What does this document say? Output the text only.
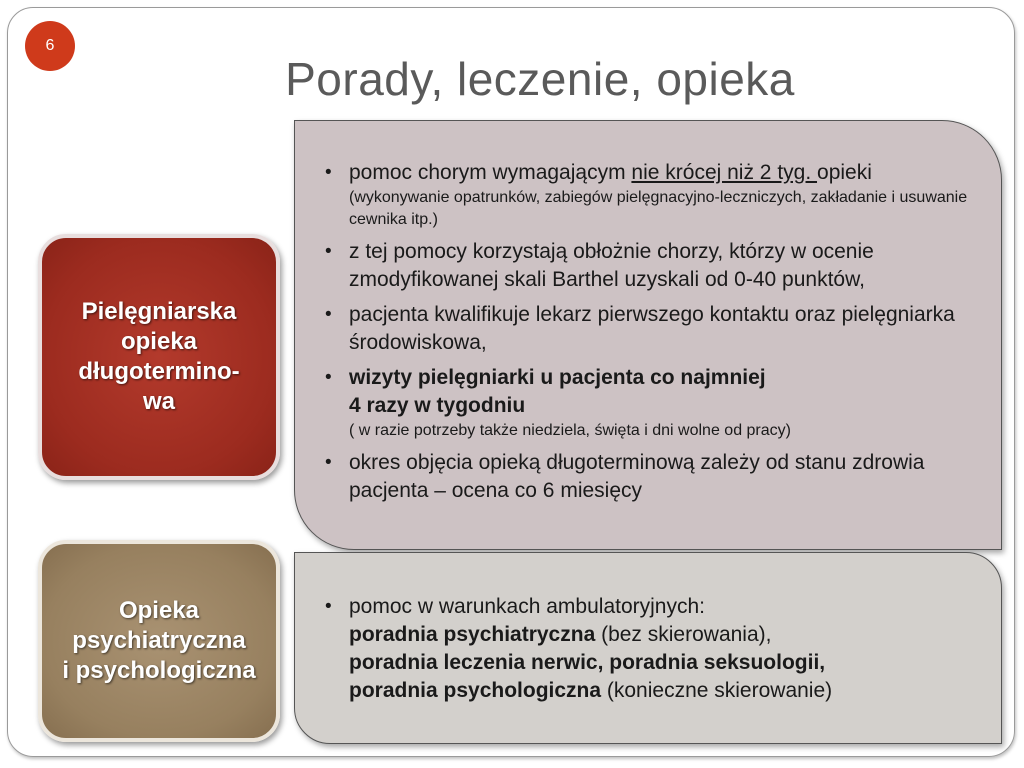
6
Porady, leczenie, opieka
Pielęgniarska
opieka
długotermino-
wa
• pomoc chorym wymagającym nie krócej niż 2 tyg. opieki
(wykonywanie opatrunków, zabiegów pielęgnacyjno-leczniczych, zakładanie i usuwanie cewnika itp.)
• z tej pomocy korzystają obłożnie chorzy, którzy w ocenie zmodyfikowanej skali Barthel uzyskali od 0-40 punktów,
• pacjenta kwalifikuje lekarz pierwszego kontaktu oraz pielęgniarka środowiskowa,
• wizyty pielęgniarki u pacjenta co najmniej
4 razy w tygodniu
( w razie potrzeby także niedziela, święta i dni wolne od pracy)
• okres objęcia opieką długoterminową zależy od stanu zdrowia pacjenta – ocena co 6 miesięcy
Opieka
psychiatryczna
i psychologiczna
• pomoc w warunkach ambulatoryjnych:
poradnia psychiatryczna (bez skierowania),
poradnia leczenia nerwic, poradnia seksuologii,
poradnia psychologiczna (konieczne skierowanie)
